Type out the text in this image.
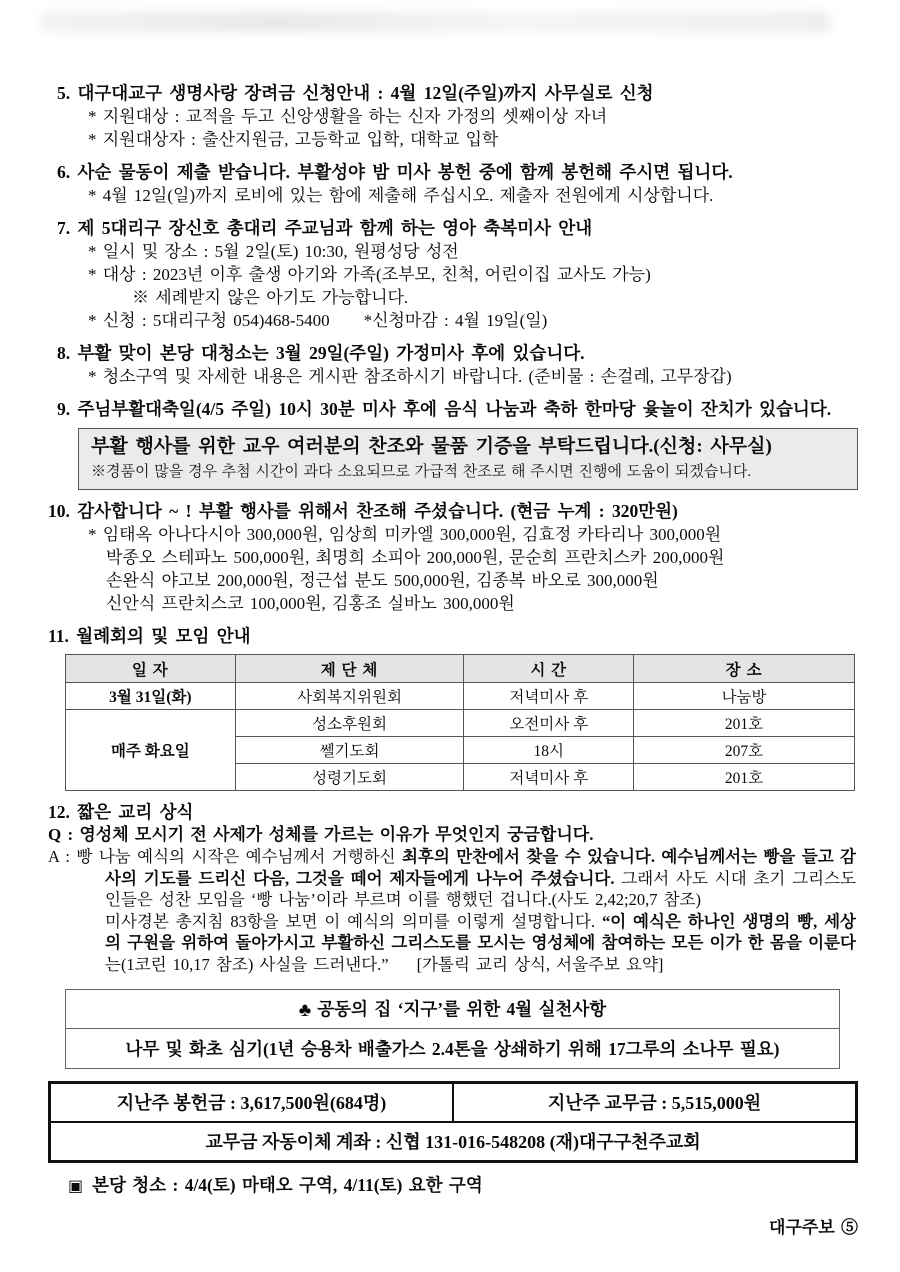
5. 대구대교구 생명사랑 장려금 신청안내 : 4월 12일(주일)까지 사무실로 신청

* 지원대상 : 교적을 두고 신앙생활을 하는 신자 가정의 셋째이상 자녀

* 지원대상자 : 출산지원금, 고등학교 입학, 대학교 입학

6. 사순 물동이 제출 받습니다. 부활성야 밤 미사 봉헌 중에 함께 봉헌해 주시면 됩니다.

* 4월 12일(일)까지 로비에 있는 함에 제출해 주십시오. 제출자 전원에게 시상합니다.

7. 제 5대리구 장신호 총대리 주교님과 함께 하는 영아 축복미사 안내

* 일시 및 장소 : 5월 2일(토) 10:30, 원평성당 성전

* 대상 : 2023년 이후 출생 아기와 가족(조부모, 친척, 어린이집 교사도 가능)

※ 세례받지 않은 아기도 가능합니다.

* 신청 : 5대리구청 054)468-5400  *신청마감 : 4월 19일(일)

8. 부활 맞이 본당 대청소는 3월 29일(주일) 가정미사 후에 있습니다.

* 청소구역 및 자세한 내용은 게시판 참조하시기 바랍니다. (준비물 : 손걸레, 고무장갑)

9. 주님부활대축일(4/5 주일) 10시 30분 미사 후에 음식 나눔과 축하 한마당 윷놀이 잔치가 있습니다.

부활 행사를 위한 교우 여러분의 찬조와 물품 기증을 부탁드립니다.(신청: 사무실)

※경품이 많을 경우 추첨 시간이 과다 소요되므로 가급적 찬조로 해 주시면 진행에 도움이 되겠습니다.

10. 감사합니다 ~ ! 부활 행사를 위해서 찬조해 주셨습니다. (현금 누계 : 320만원)

* 임태옥 아나다시아 300,000원, 임상희 미카엘 300,000원, 김효정 카타리나 300,000원

박종오 스테파노 500,000원, 최명희 소피아 200,000원, 문순희 프란치스카 200,000원

손완식 야고보 200,000원, 정근섭 분도 500,000원, 김종복 바오로 300,000원

신안식 프란치스코 100,000원, 김홍조 실바노 300,000원

11. 월례회의 및 모임 안내

일 자	제 단 체	시 간	장 소
3월 31일(화)	사회복지위원회	저녁미사 후	나눔방
매주 화요일	성소후원회	오전미사 후	201호
	쎌기도회	18시	207호
	성령기도회	저녁미사 후	201호

12. 짧은 교리 상식

Q : 영성체 모시기 전 사제가 성체를 가르는 이유가 무엇인지 궁금합니다.

A : 빵 나눔 예식의 시작은 예수님께서 거행하신 최후의 만찬에서 찾을 수 있습니다. 예수님께서는 빵을 들고 감사의 기도를 드리신 다음, 그것을 떼어 제자들에게 나누어 주셨습니다. 그래서 사도 시대 초기 그리스도인들은 성찬 모임을 ‘빵 나눔’이라 부르며 이를 행했던 겁니다.(사도 2,42;20,7 참조)

미사경본 총지침 83항을 보면 이 예식의 의미를 이렇게 설명합니다. “이 예식은 하나인 생명의 빵, 세상의 구원을 위하여 돌아가시고 부활하신 그리스도를 모시는 영성체에 참여하는 모든 이가 한 몸을 이룬다는(1코린 10,17 참조) 사실을 드러낸다.” [가톨릭 교리 상식, 서울주보 요약]

♣ 공동의 집 ‘지구’를 위한 4월 실천사항
나무 및 화초 심기(1년 승용차 배출가스 2.4톤을 상쇄하기 위해 17그루의 소나무 필요)
지난주 봉헌금 : 3,617,500원(684명)	지난주 교무금 : 5,515,000원
교무금 자동이체 계좌 : 신협 131-016-548208 (재)대구구천주교회

▣ 본당 청소 : 4/4(토) 마태오 구역, 4/11(토) 요한 구역

대구주보 ⑤
